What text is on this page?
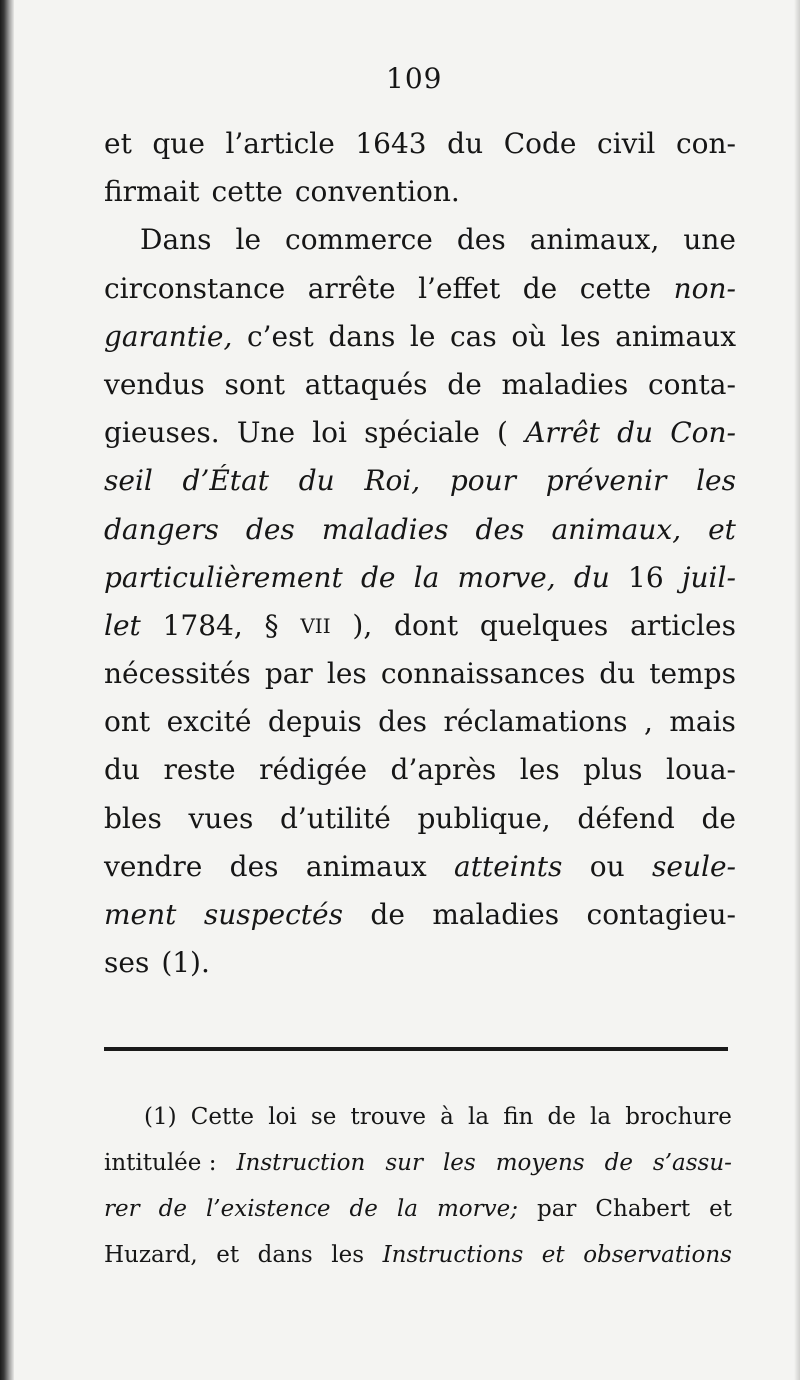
109
et que l’article 1643 du Code civil con-
firmait cette convention.
Dans le commerce des animaux, une
circonstance arrête l’effet de cette non-
garantie, c’est dans le cas où les animaux
vendus sont attaqués de maladies conta-
gieuses. Une loi spéciale ( Arrêt du Con-
seil d’État du Roi, pour prévenir les
dangers des maladies des animaux, et
particulièrement de la morve, du 16 juil-
let 1784, § VII ), dont quelques articles
nécessités par les connaissances du temps
ont excité depuis des réclamations , mais
du reste rédigée d’après les plus loua-
bles vues d’utilité publique, défend de
vendre des animaux atteints ou seule-
ment suspectés de maladies contagieu-
ses (1).
(1) Cette loi se trouve à la fin de la brochure
intitulée : Instruction sur les moyens de s’assu-
rer de l’existence de la morve; par Chabert et
Huzard, et dans les Instructions et observations
